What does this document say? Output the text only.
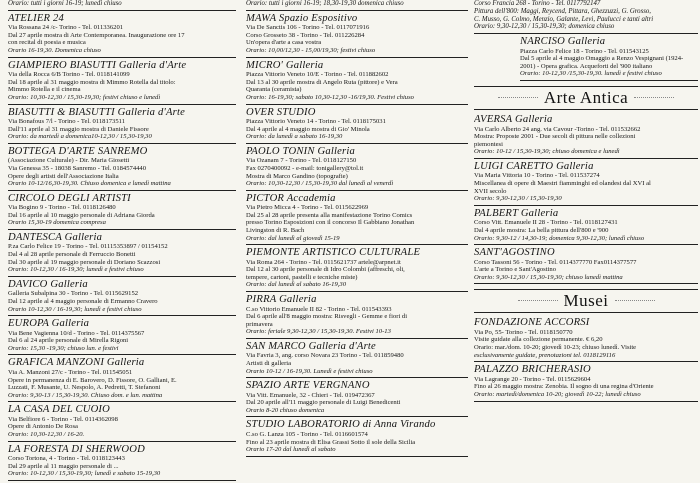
Orario: tutti i giorni 16-19; lunedì chiuso
ATELIER 24
Via Rossana 24 /c- Torino - Tel. 011336201
Dal 27 aprile mostra di Arte Contemporanea. Inaugurazione ore 17
con recital di poesia e musica
Orario 16-19,30. Domenica chiuso
GIAMPIERO BIASUTTI Galleria d'Arte
Via della Rocca 6/B Torino - Tel. 0118141099
Dal 18 aprile al 31 maggio mostra di Mimmo Rotella dal titolo:
Mimmo Rotella e il cinema
Orario: 10,30-12,30 / 15,30-19,30; festivi chiuso e lunedì
BIASUTTI & BIASUTTI Galleria d'Arte
Via Bonafous 7/l - Torino - Tel. 0118173511
Dall'11 aprile al 31 maggio mostra di Daniele Fissore
Orario: da martedì a domenica10-12,30 / 15,30-19,30
BOTTEGA D'ARTE SANREMO
(Associazione Culturale) - Dir. Maria Giosetti
Via Genessa 35 - 18038 Sanremo - Tel. 0184574440
Opere degli artisti dell'Associazione Italia
Orario 10-12/16,30-19,30. Chiuso domenica e lunedì mattina
CIRCOLO DEGLI ARTISTI
Via Bogino 9 - Torino - Tel. 0118126480
Dal 16 aprile al 10 maggio personale di Adriana Giorda
Orario 15,30-19 domenica compresa
DANTESCA Galleria
P.za Carlo Felice 19 - Torino - Tel. 01115353897 / 01154152
Dal 4 al 28 aprile personale di Ferruccio Bonetti
Dal 30 aprile al 19 maggio personale di Doriano Scazzosi
Orario: 10-12,30 / 16-19,30; lunedì e festivi chiuso
DAVICO Galleria
Galleria Subalpina 30 - Torino - Tel. 0115629152
Dal 12 aprile al 4 maggio personale di Ermanno Cravero
Orario 10-12,30 / 16-19,30; lunedì e festivi chiuso
EUROPA Galleria
Via Bene Vagienna 10/d - Torino - Tel. 0114375567
Dal 6 al 24 aprile personale di Mirella Rigoni
Orario: 15,30 -19,30; chiuso lun. e festivi
GRAFICA MANZONI Galleria
Via A. Manzoni 27/c - Torino - Tel. 011545051
Opere in permanenza di E. Barovero, D. Fissore, O. Galliani, E.
Luzzati, F. Musante, U. Nespolo, A. Pedretti, T. Stefanoni
Orario: 9,30-13 / 15,30-19,30. Chiuso dom. e lun. mattina
LA CASA DEL CUOIO
Via Belfiore 6 - Torino - Tel. 0114362098
Opere di Antonio De Rosa
Orario: 10,30-12,30 / 16-20.
LA FORESTA DI SHERWOOD
Corso Tortona, 4 - Torino - Tel. 0118123443
Dal 29 aprile al 11 maggio personale di ...
Orario: 10-12,30 / 15,30-19,30; lunedì e sabato 15-19,30
Orario: tutti i giorni 16-19; 18,30-19,30 domenica chiuso
MAWA Spazio Espositivo
Via De Sanctis 106 - Torino - Tel. 0117071916
Corso Grosseto 38 - Torino - Tel. 011226284
Un'opera d'arte a casa vostra
Orario: 10,00/12,30 - 15,00/19,30; festivi chiuso
MICRO' Galleria
Piazza Vittorio Veneto 10/E - Torino - Tel. 011882602
Dal 13 al 30 aprile mostra di Angelo Ruta (pittore) e Vera
Quaranta (ceramista)
Orario: 16-19,30; sabato 10,30-12,30 -16/19,30. Festivi chiuso
OVER STUDIO
Piazza Vittorio Veneto 14 - Torino - Tel. 0118175031
Dal 4 aprile al 4 maggio mostra di Gio' Minola
Orario: da lunedì a sabato 16-19,30
PAOLO TONIN Galleria
Via Ozanam 7 - Torino - Tel. 0118127150
Fax 0270400092 - e-mail: tonigallery@tol.it
Mostra di Marco Gandino (topografie)
Orario: 10,30-12,30 / 15,30-19,30 dal lunedì al venerdì
PICTOR Accademia
Via Pietro Micca 4 - Torino - Tel. 0115622969
Dal 25 al 28 aprile presenta alla manifestazione Torino Comics
presso Torino Esposizioni con il concorso Il Gabbiano Jonathan
Livingston di R. Bach
Orario: dal lunedì al giovedì 15-19
PIEMONTE ARTISTICO CULTURALE
Via Roma 264 - Torino - Tel. 0115621737 artele@arpnet.it
Dal 12 al 30 aprile personale di Idro Colombi (affreschi, oli,
tempere, cartoni, pastelli e tecniche miste)
Orario: dal lunedì al sabato 16-19,30
PIRRA Galleria
C.so Vittorio Emanuele II 82 - Torino - Tel. 011543393
Dal 6 aprile all'8 maggio mostra: Risvegli - Gemme e fiori di
primavera
Orario: feriale 9,30-12,30 / 15,30-19,30. Festivi 10-13
SAN MARCO Galleria d'Arte
Via Favria 3, ang. corso Novara 23 Torino - Tel. 011859480
Artisti di galleria
Orario 10-12 / 16-19,30. Lunedì e festivi chiuso
SPAZIO ARTE VERGNANO
Via Vitt. Emanuele, 32 - Chieri - Tel. 019472367
Dal 20 aprile all'11 maggio personale di Luigi Benedicenti
Orario 8-20 chiuso domenica
STUDIO LABORATORIO di Anna Virando
C.so G. Lanza 105 - Torino - Tel. 0116601574
Fino al 23 aprile mostra di Elisa Grassi Sotto il sole della Sicilia
Orario 17-20 dal lunedì al sabato
Corso Francia 268 - Torino - Tel. 0117792147
Pittura dell'800: Maggi, Reycend, Pittara, Ghezzuzzi, G. Grosso,
C. Musso, G. Colmo, Menzio, Galante, Levi, Paulucci e tanti altri
Orario: 9,30-12,30 / 15,30-19,30; domenica chiuso
NARCISO Galleria
Piazza Carlo Felice 18 - Torino - Tel. 011543125
Dal 5 aprile al 4 maggio Omaggio a Renzo Vespignani (1924-
2001) - Opera grafica. Acqueforti del '900 italiano
Orario: 10-12,30 /15,30-19,30. lunedì e festivi chiuso
Arte Antica
AVERSA Galleria
Via Carlo Alberto 24 ang. via Cavour -Torino - Tel. 011532662
Mostra: Proposte 2001 - Due secoli di pittura nelle collezioni
piemontesi
Orario: 10-12 / 15,30-19,30; chiuso domenica e lunedì
LUIGI CARETTO Galleria
Via Maria Vittoria 10 - Torino - Tel. 011537274
Miscellanea di opere di Maestri fiamminghi ed olandesi dal XVI al
XVII secolo
Orario: 9,30-12,30 / 15,30-19,30
PALBERT Galleria
Corso Vitt. Emanuele II 28 - Torino - Tel. 0118127431
Dal 4 aprile mostra: La bella pittura dell'800 e '900
Orario: 9,30-12 / 14,30-19; domenica 9,30-12,30; lunedì chiuso
SANT'AGOSTINO
Corso Tassoni 56 - Torino - Tel. 0114377770 Fax0114377577
L'arte a Torino e Sant'Agostino
Orario: 9,30-12,30 / 15,30-19,30; chiuso lunedì mattina
Musei
FONDAZIONE ACCORSI
Via Po, 55- Torino - Tel. 0118150770
Visite guidate alla collezione permanente. € 6,20
Orario: mar./dom. 10-20; giovedì 10-23; chiuso lunedì. Visite
esclusivamente guidate, prenotazioni tel. 0118129116
PALAZZO BRICHERASIO
Via Lagrange 20 - Torino - Tel. 0115629604
Fino al 26 maggio mostra: Zenobia. Il sogno di una regina d'Oriente
Orario: martedì/domenica 10-20; giovedì 10-22; lunedì chiuso
